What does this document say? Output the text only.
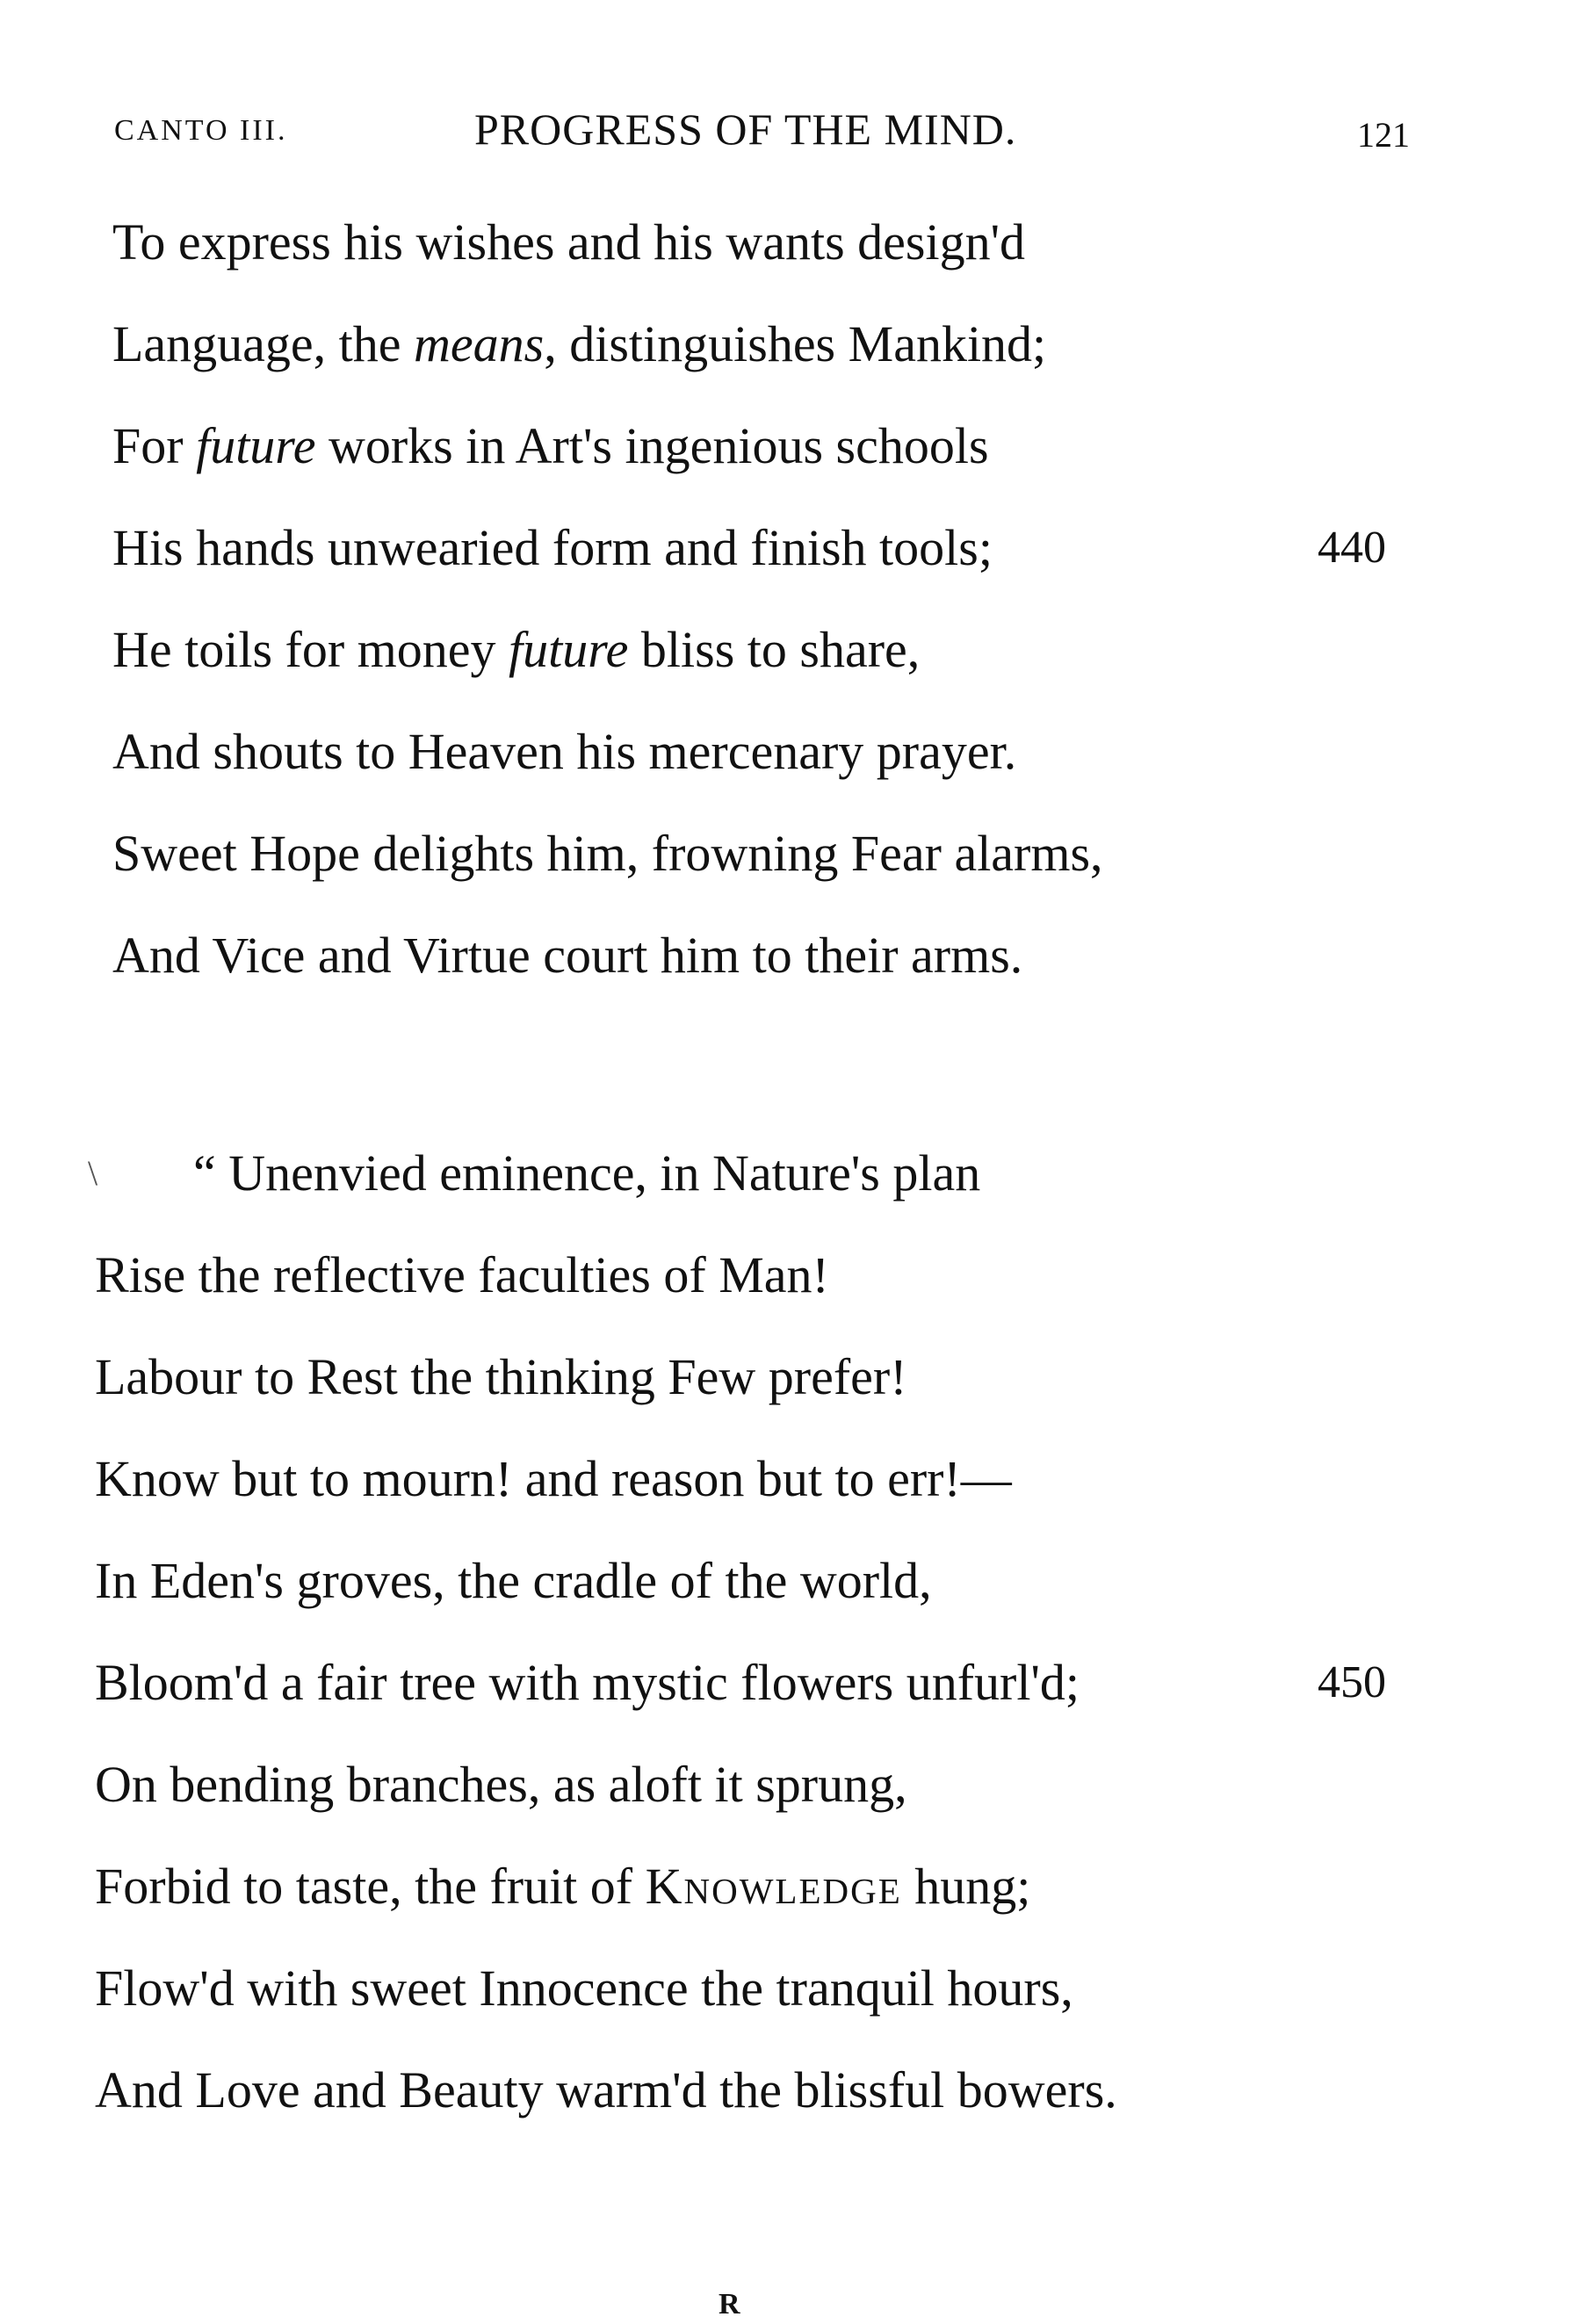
CANTO III.	PROGRESS OF THE MIND.	121
To express his wishes and his wants design'd
Language, the means, distinguishes Mankind;
For future works in Art's ingenious schools
His hands unwearied form and finish tools;	440
He toils for money future bliss to share,
And shouts to Heaven his mercenary prayer.
Sweet Hope delights him, frowning Fear alarms,
And Vice and Virtue court him to their arms.
\ “ Unenvied eminence, in Nature's plan
Rise the reflective faculties of Man!
Labour to Rest the thinking Few prefer!
Know but to mourn! and reason but to err!—
In Eden's groves, the cradle of the world,
Bloom'd a fair tree with mystic flowers unfurl'd;	450
On bending branches, as aloft it sprung,
Forbid to taste, the fruit of Knowledge hung;
Flow'd with sweet Innocence the tranquil hours,
And Love and Beauty warm'd the blissful bowers.
R
